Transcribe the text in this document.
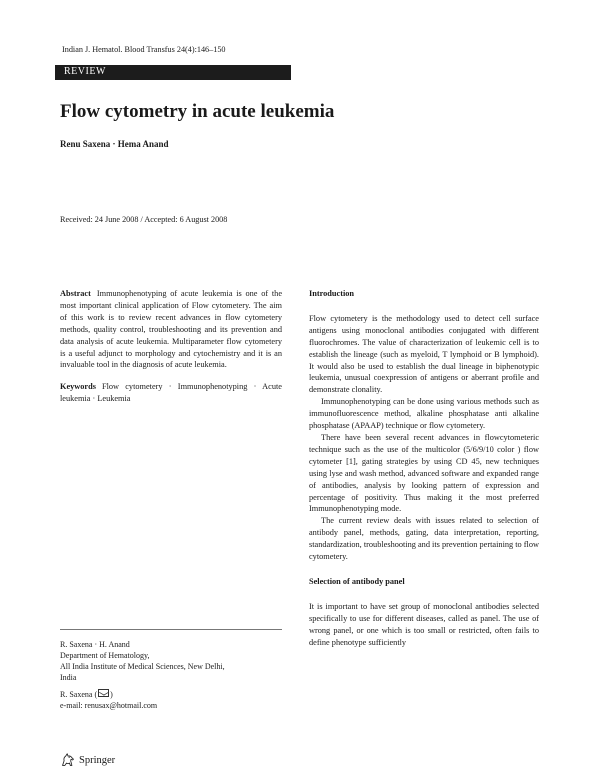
Indian J. Hematol. Blood Transfus 24(4):146–150
REVIEW
Flow cytometry in acute leukemia
Renu Saxena · Hema Anand
Received: 24 June 2008 / Accepted: 6 August 2008

Abstract Immunophenotyping of acute leukemia is one of the most important clinical application of Flow cytometery. The aim of this work is to review recent advances in flow cytometery methods, quality control, troubleshooting and its prevention and data analysis of acute leukemia. Multiparameter flow cytometery is a useful adjunct to morphology and cytochemistry and it is an invaluable tool in the diagnosis of acute leukemia.

Keywords Flow cytometery · Immunophenotyping · Acute leukemia · Leukemia

R. Saxena · H. Anand
Department of Hematology,
All India Institute of Medical Sciences, New Delhi,
India
R. Saxena ( )
e-mail: renusax@hotmail.com
Springer

Introduction

Flow cytometery is the methodology used to detect cell surface antigens using monoclonal antibodies conjugated with different fluorochromes. The value of characterization of leukemic cell is to establish the lineage (such as myeloid, T lymphoid or B lymphoid). It would also be used to establish the dual lineage in biphenotypic leukemia, unusual coexpression of antigens or aberrant profile and demonstrate clonality.

Immunophenotyping can be done using various methods such as immunofluorescence method, alkaline phosphatase anti alkaline phosphatase (APAAP) technique or flow cytometery.

There have been several recent advances in flowcytometeric technique such as the use of the multicolor (5/6/9/10 color ) flow cytometer [1], gating strategies by using CD 45, new techniques using lyse and wash method, advanced software and expanded range of antibodies, analysis by looking pattern of expression and percentage of positivity. Thus making it the most preferred Immunophenotyping mode.

The current review deals with issues related to selection of antibody panel, methods, gating, data interpretation, reporting, standardization, troubleshooting and its prevention pertaining to flow cytometery.

Selection of antibody panel

It is important to have set group of monoclonal antibodies selected specifically to use for different diseases, called as panel. The use of wrong panel, or one which is too small or restricted, often fails to define phenotype sufficiently
